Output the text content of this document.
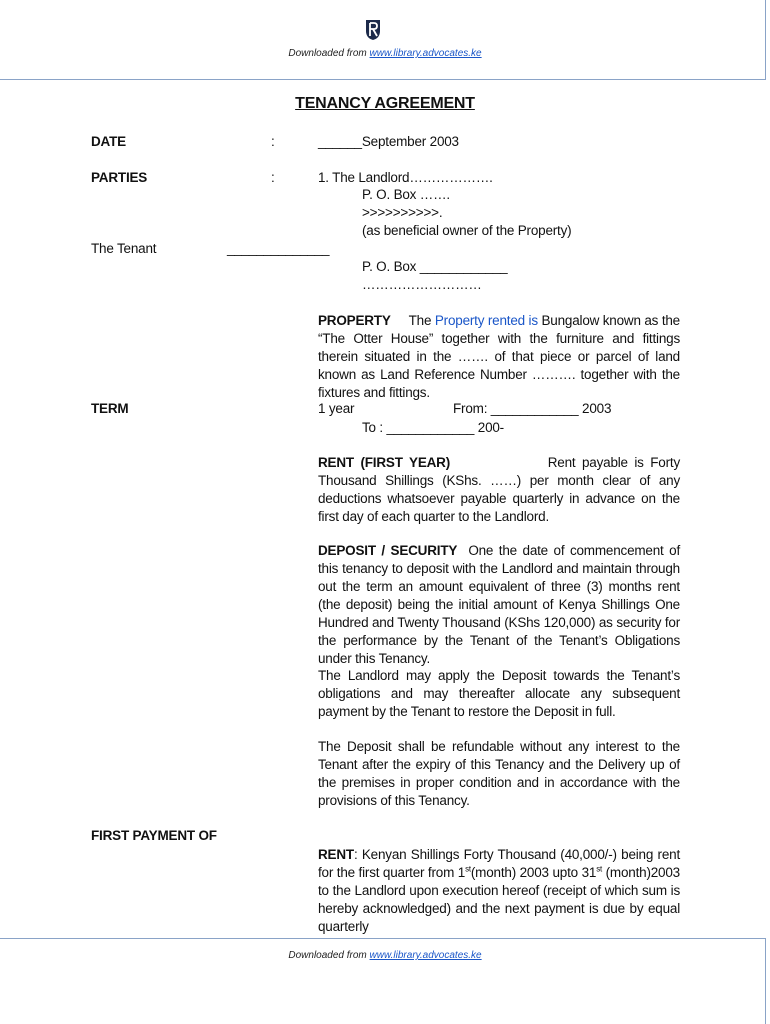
Downloaded from www.library.advocates.ke
TENANCY AGREEMENT
DATE	:	______September 2003
PARTIES	:	1. The Landlord……………….
P. O. Box …….
>>>>>>>>>>.
(as beneficial owner of the Property)
The Tenant	______________
P. O. Box ____________
………………………
PROPERTY The Property rented is Bungalow known as the “The Otter House” together with the furniture and fittings therein situated in the ……. of that piece or parcel of land known as Land Reference Number ………. together with the fixtures and fittings.
TERM	1 year	From: ____________ 2003
To : ____________ 200-
RENT (FIRST YEAR)	Rent payable is Forty Thousand Shillings (KShs. ……) per month clear of any deductions whatsoever payable quarterly in advance on the first day of each quarter to the Landlord.
DEPOSIT / SECURITY One the date of commencement of this tenancy to deposit with the Landlord and maintain through out the term an amount equivalent of three (3) months rent (the deposit) being the initial amount of Kenya Shillings One Hundred and Twenty Thousand (KShs 120,000) as security for the performance by the Tenant of the Tenant’s Obligations under this Tenancy.
The Landlord may apply the Deposit towards the Tenant’s obligations and may thereafter allocate any subsequent payment by the Tenant to restore the Deposit in full.
The Deposit shall be refundable without any interest to the Tenant after the expiry of this Tenancy and the Delivery up of the premises in proper condition and in accordance with the provisions of this Tenancy.
FIRST PAYMENT OF
RENT: Kenyan Shillings Forty Thousand (40,000/-) being rent for the first quarter from 1st(month) 2003 upto 31st (month)2003 to the Landlord upon execution hereof (receipt of which sum is hereby acknowledged) and the next payment is due by equal quarterly
Downloaded from www.library.advocates.ke
